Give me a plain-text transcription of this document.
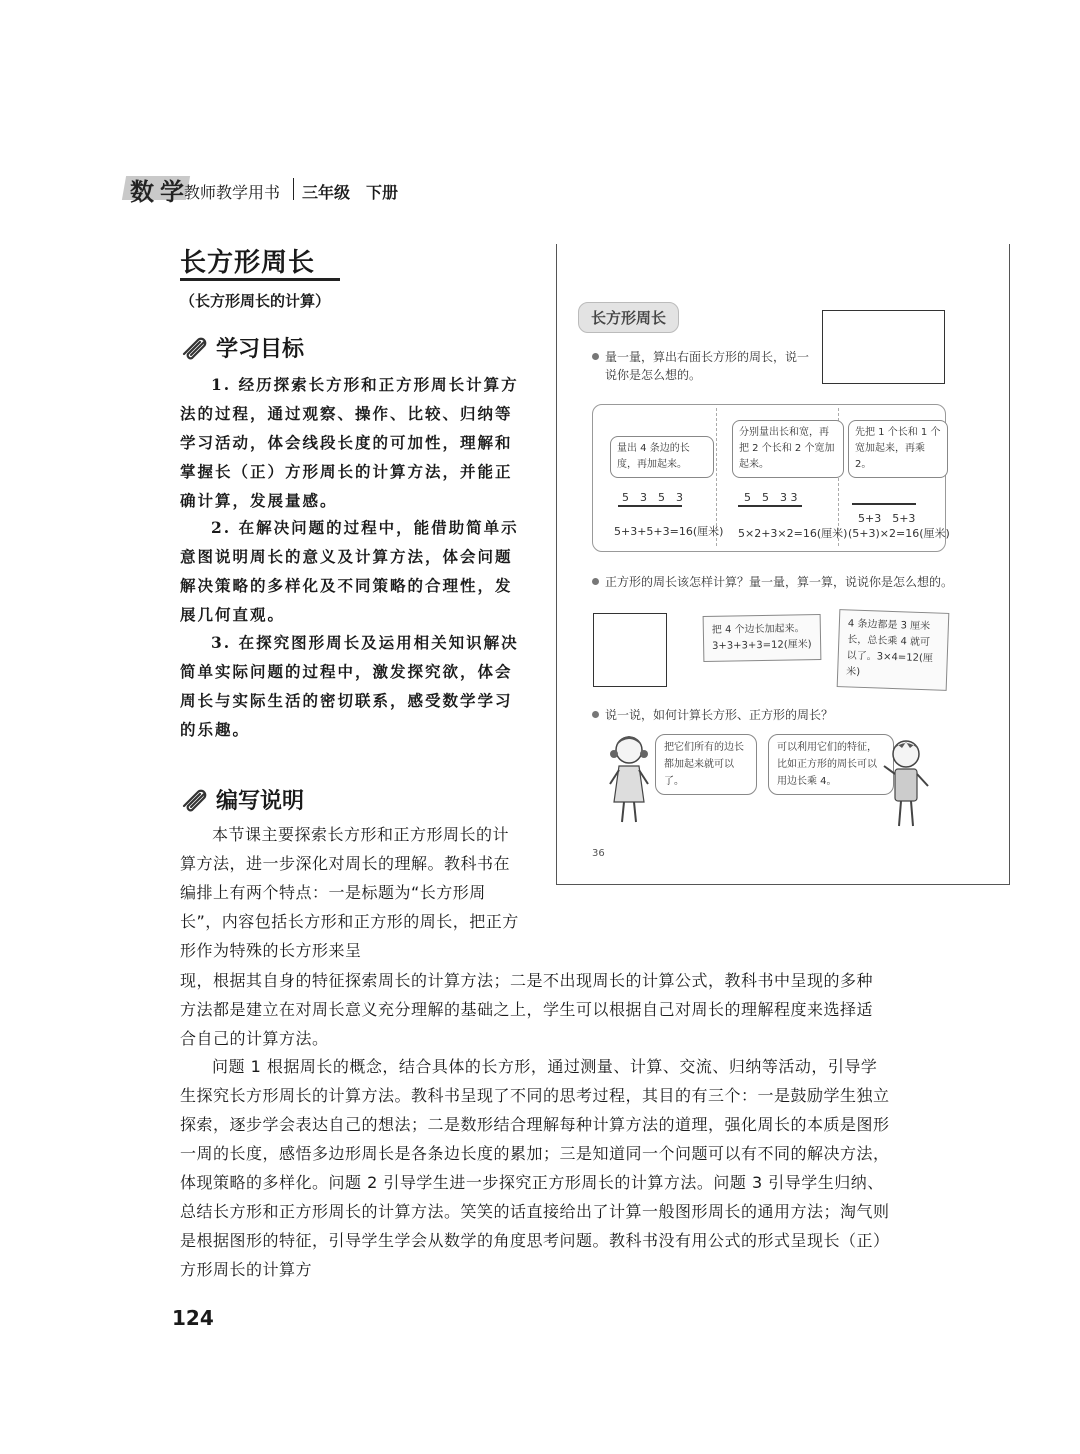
数学
教师教学用书 三年级　下册
长方形周长
（长方形周长的计算）
学习目标

1. 经历探索长方形和正方形周长计算方法的过程，通过观察、操作、比较、归纳等学习活动，体会线段长度的可加性，理解和掌握长（正）方形周长的计算方法，并能正确计算，发展量感。

2. 在解决问题的过程中，能借助简单示意图说明周长的意义及计算方法，体会问题解决策略的多样化及不同策略的合理性，发展几何直观。

3. 在探究图形周长及运用相关知识解决简单实际问题的过程中，激发探究欲，体会周长与实际生活的密切联系，感受数学学习的乐趣。

编写说明

本节课主要探索长方形和正方形周长的计算方法，进一步深化对周长的理解。教科书在编排上有两个特点：一是标题为“长方形周长”，内容包括长方形和正方形的周长，把正方形作为特殊的长方形来呈

现，根据其自身的特征探索周长的计算方法；二是不出现周长的计算公式，教科书中呈现的多种方法都是建立在对周长意义充分理解的基础之上，学生可以根据自己对周长的理解程度来选择适合自己的计算方法。

问题 1 根据周长的概念，结合具体的长方形，通过测量、计算、交流、归纳等活动，引导学生探究长方形周长的计算方法。教科书呈现了不同的思考过程，其目的有三个：一是鼓励学生独立探索，逐步学会表达自己的想法；二是数形结合理解每种计算方法的道理，强化周长的本质是图形一周的长度，感悟多边形周长是各条边长度的累加；三是知道同一个问题可以有不同的解决方法，体现策略的多样化。问题 2 引导学生进一步探究正方形周长的计算方法。问题 3 引导学生归纳、总结长方形和正方形周长的计算方法。笑笑的话直接给出了计算一般图形周长的通用方法；淘气则是根据图形的特征，引导学生学会从数学的角度思考问题。教科书没有用公式的形式呈现长（正）方形周长的计算方

124
长方形周长
量一量，算出右面长方形的周长，说一说你是怎么想的。
量出 4 条边的长度，再加起来。
分别量出长和宽，再把 2 个长和 2 个宽加起来。
先把 1 个长和 1 个宽加起来，再乘 2。
5　3　5　3	5　5　3 3
5+3　5+3
5+3+5+3=16(厘米) 5×2+3×2=16(厘米) (5+3)×2=16(厘米)
正方形的周长该怎样计算？量一量，算一算，说说你是怎么想的。
把 4 个边长加起来。3+3+3+3=12(厘米)
4 条边都是 3 厘米长，总长乘 4 就可以了。3×4=12(厘米)
说一说，如何计算长方形、正方形的周长？
把它们所有的边长都加起来就可以了。
可以利用它们的特征，比如正方形的周长可以用边长乘 4。
36
